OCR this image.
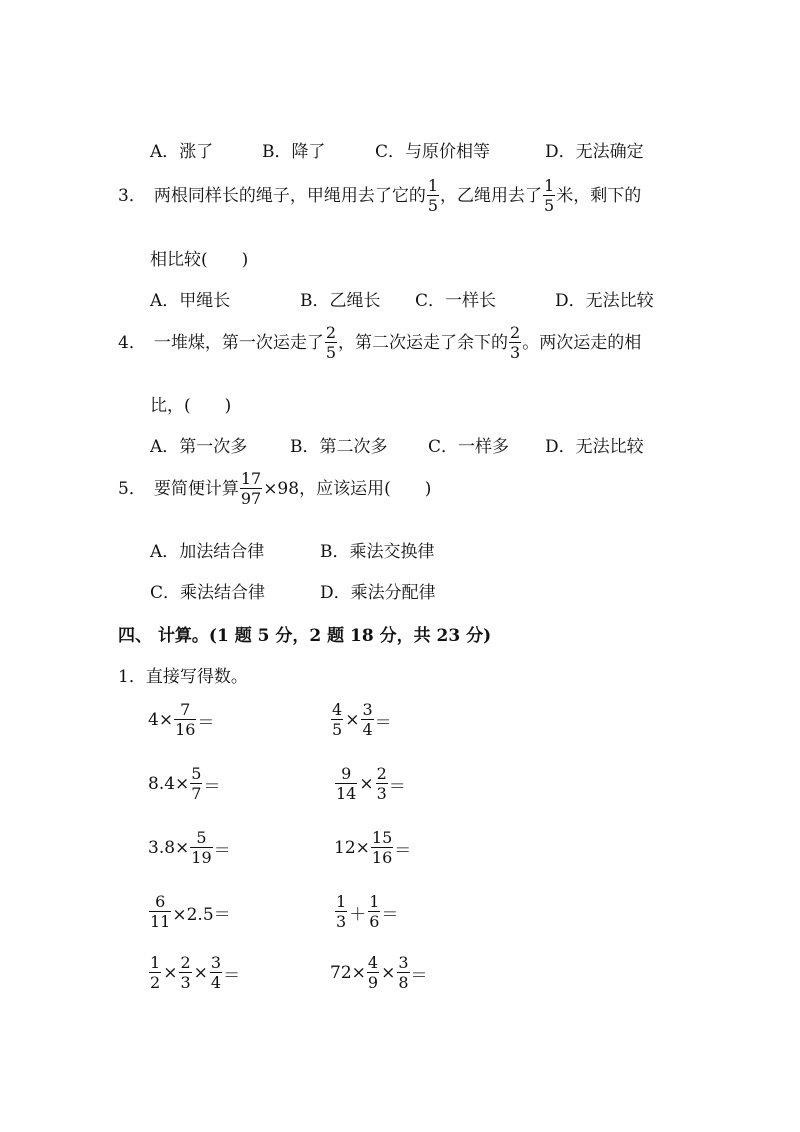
A．涨了	B．降了	C．与原价相等	D．无法确定
3． 两根同样长的绳子，甲绳用去了它的 $\frac{1}{5}$ ，乙绳用去了 $\frac{1}{5}$ 米，剩下的
相比较(　　)
A．甲绳长	B．乙绳长 C．一样长	D．无法比较
4． 一堆煤，第一次运走了 $\frac{2}{5}$ ，第二次运走了余下的 $\frac{2}{3}$ 。两次运走的相
比，(　　)
A．第一次多	B．第二次多 C．一样多 D．无法比较
5． 要简便计算 $\frac{17}{97} \times 98$，应该运用(　　)
A．加法结合律	B．乘法交换律
C．乘法结合律	D．乘法分配律
四、 计算。(1 题 5 分，2 题 18 分，共 23 分)
1．直接写得数。
$4\times \frac{7}{16}$ ＝	$\frac{4}{5} \times \frac{3}{4}$ ＝
$8.4\times \frac{5}{7}$ ＝	$\frac{9}{14} \times \frac{2}{3}$ ＝
$3.8\times \frac{5}{19}$ ＝	$12\times \frac{15}{16}$ ＝
$\frac{6}{11} \times 2.5=$	$\frac{1}{3} + \frac{1}{6}$ ＝
$\frac{1}{2} \times \frac{2}{3} \times \frac{3}{4}$ ＝	$72\times \frac{4}{9} \times \frac{3}{8}$ ＝
